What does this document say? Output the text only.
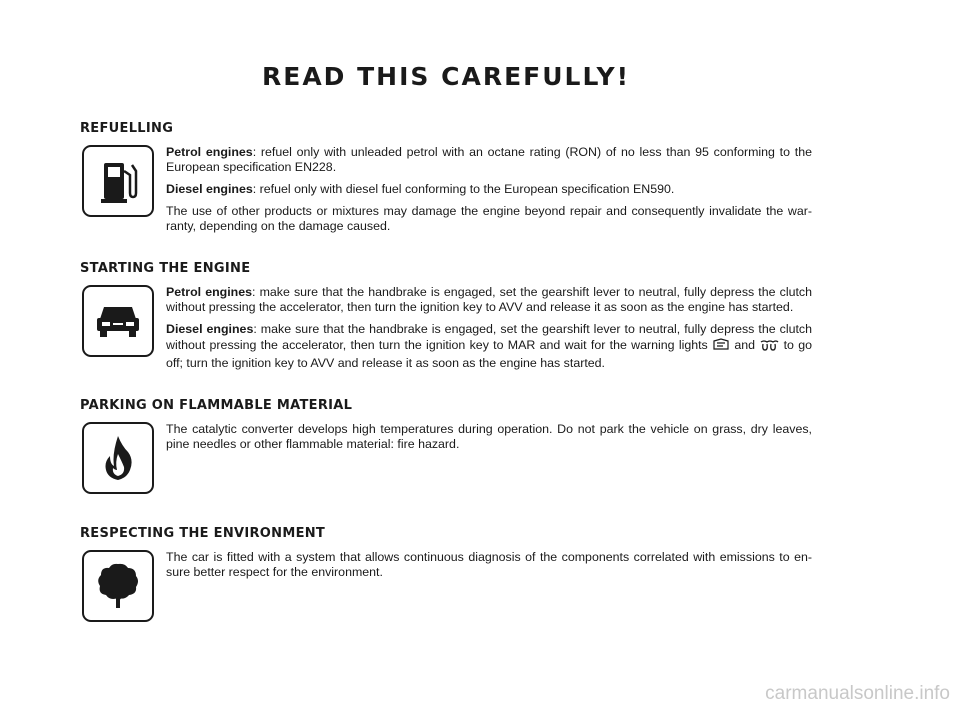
READ THIS CAREFULLY!
REFUELLING

Petrol engines: refuel only with unleaded petrol with an octane rating (RON) of no less than 95 conforming to the European specification EN228.

Diesel engines: refuel only with diesel fuel conforming to the European specification EN590.

The use of other products or mixtures may damage the engine beyond repair and consequently invalidate the war-ranty, depending on the damage caused.

STARTING THE ENGINE

Petrol engines: make sure that the handbrake is engaged, set the gearshift lever to neutral, fully depress the clutch without pressing the accelerator, then turn the ignition key to AVV and release it as soon as the engine has started.

Diesel engines: make sure that the handbrake is engaged, set the gearshift lever to neutral, fully depress the clutch without pressing the accelerator, then turn the ignition key to MAR and wait for the warning lights  and  to go off; turn the ignition key to AVV and release it as soon as the engine has started.

PARKING ON FLAMMABLE MATERIAL

The catalytic converter develops high temperatures during operation. Do not park the vehicle on grass, dry leaves, pine needles or other flammable material: fire hazard.

RESPECTING THE ENVIRONMENT

The car is fitted with a system that allows continuous diagnosis of the components correlated with emissions to en-sure better respect for the environment.

carmanualsonline.info
